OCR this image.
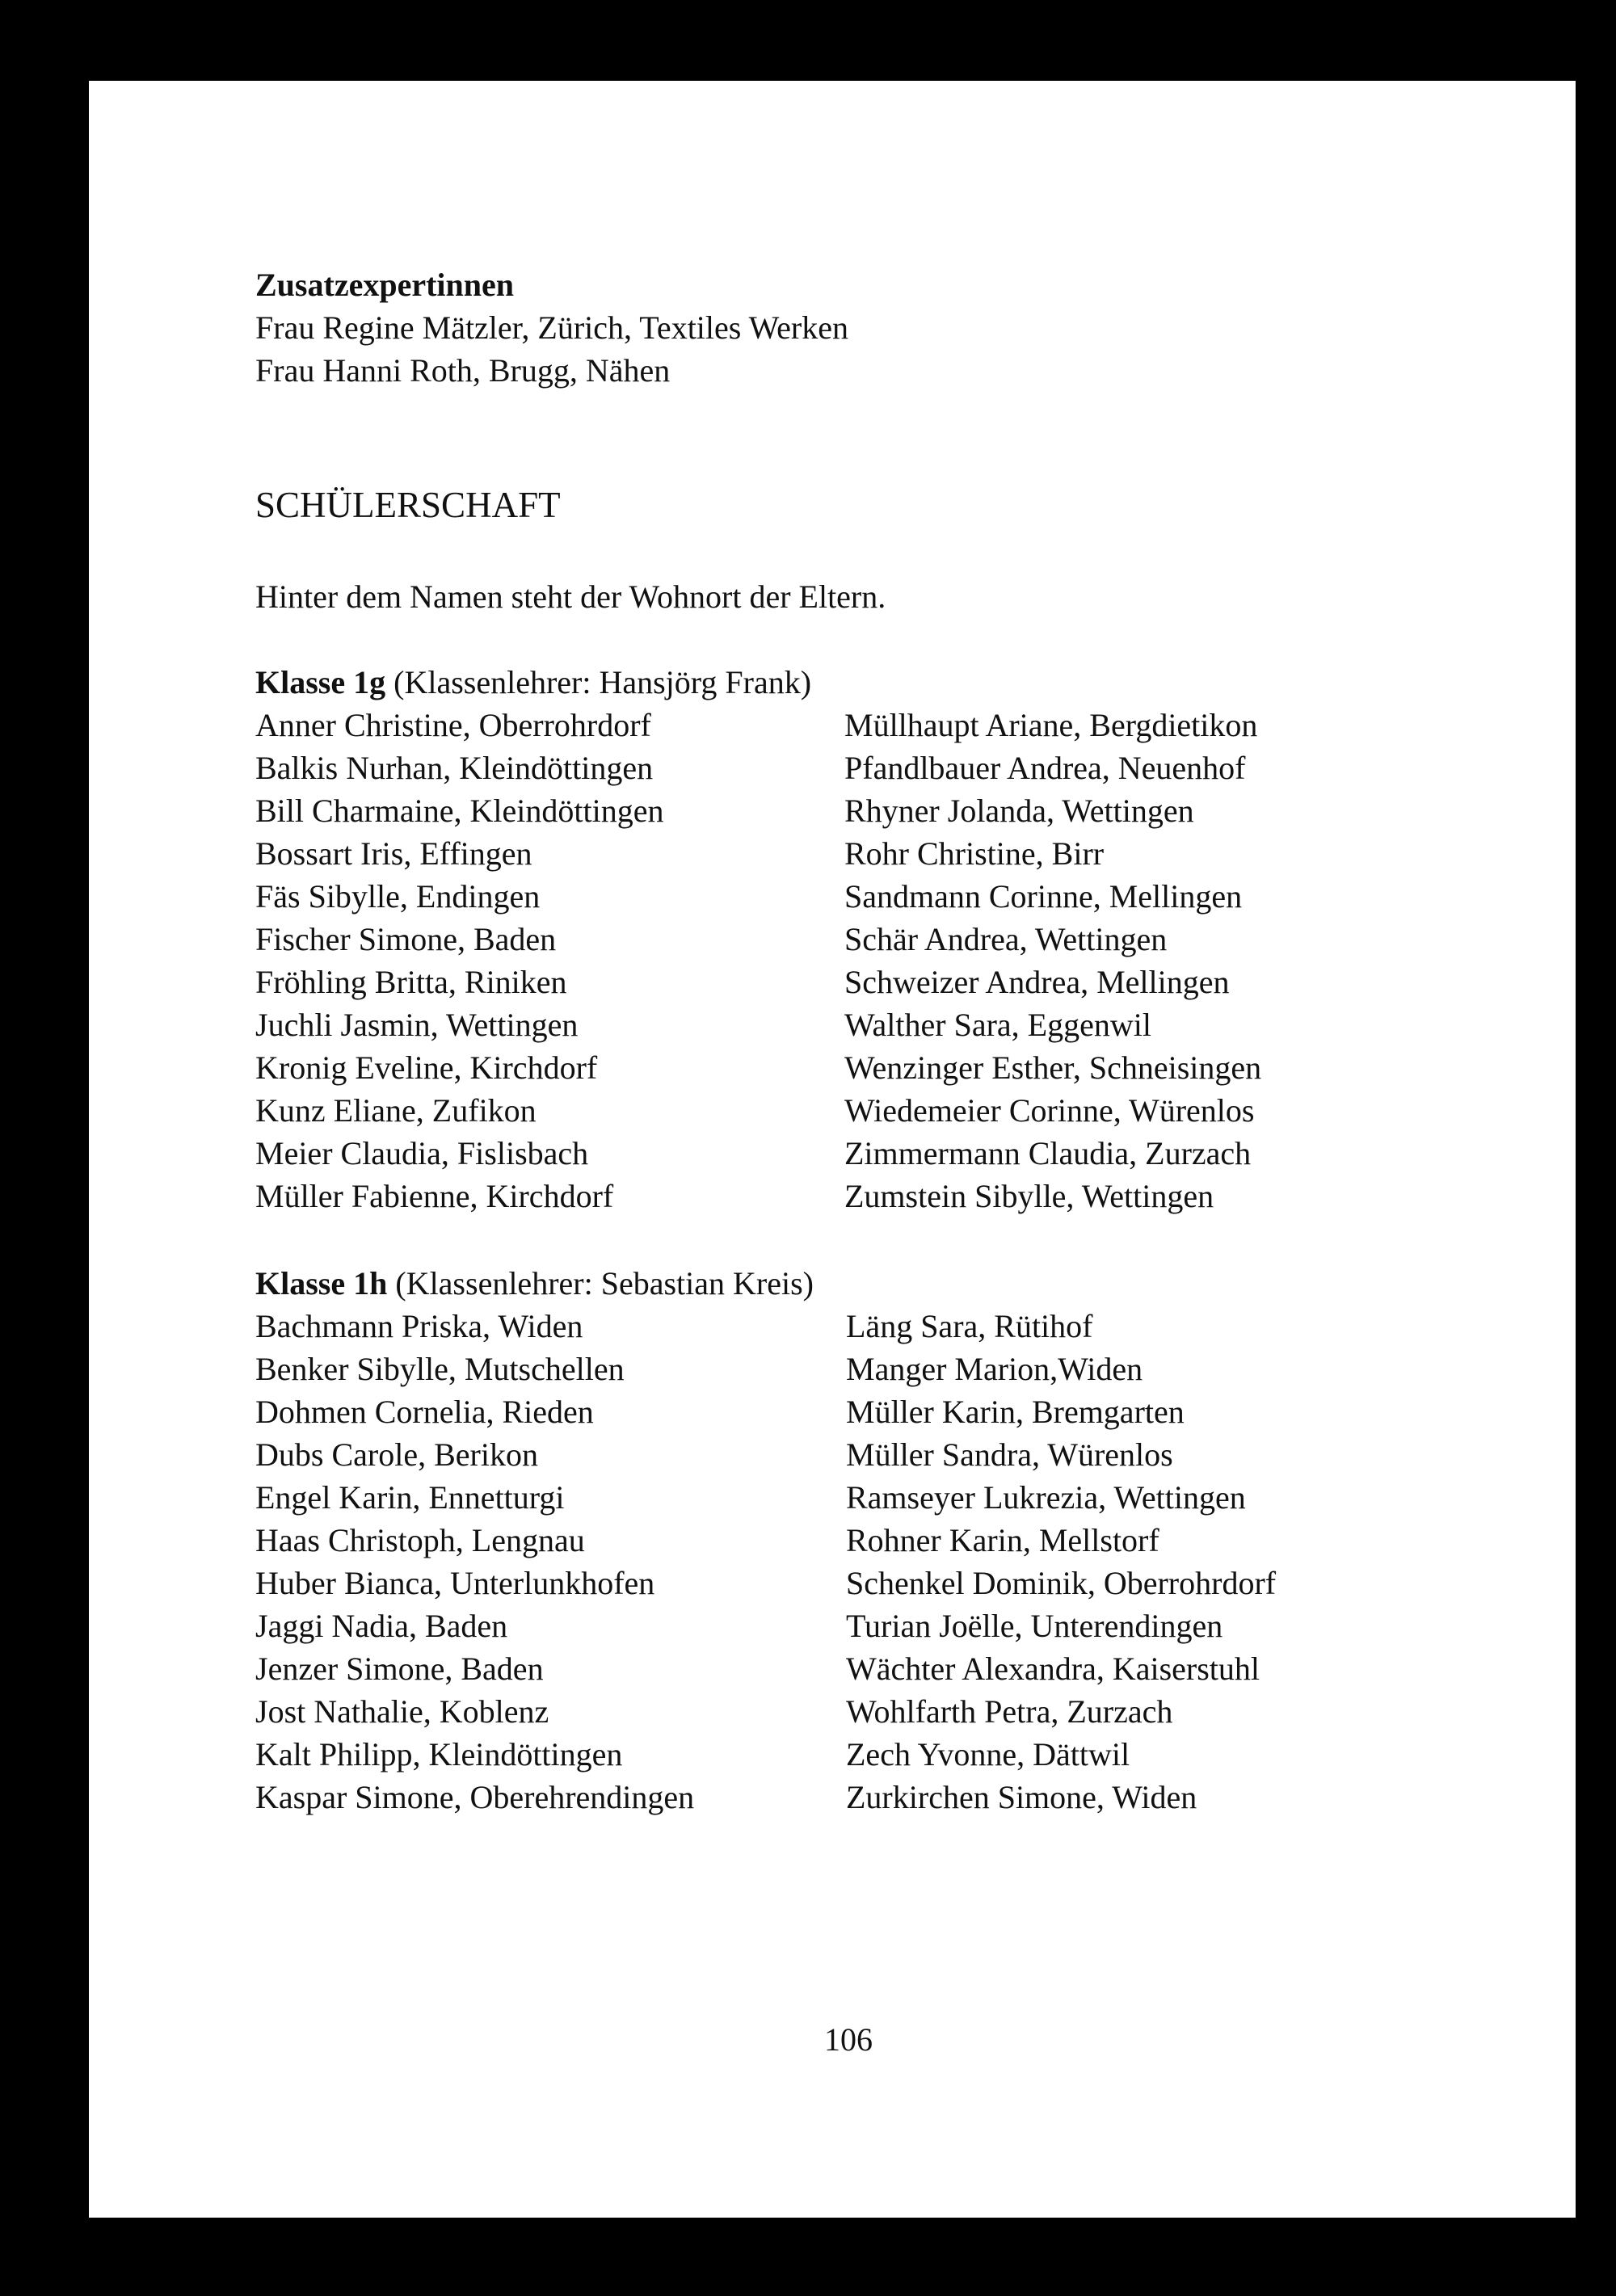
Zusatzexpertinnen
Frau Regine Mätzler, Zürich, Textiles Werken
Frau Hanni Roth, Brugg, Nähen
SCHÜLERSCHAFT
Hinter dem Namen steht der Wohnort der Eltern.
Klasse 1g (Klassenlehrer: Hansjörg Frank)
Anner Christine, Oberrohrdorf
Balkis Nurhan, Kleindöttingen
Bill Charmaine, Kleindöttingen
Bossart Iris, Effingen
Fäs Sibylle, Endingen
Fischer Simone, Baden
Fröhling Britta, Riniken
Juchli Jasmin, Wettingen
Kronig Eveline, Kirchdorf
Kunz Eliane, Zufikon
Meier Claudia, Fislisbach
Müller Fabienne, Kirchdorf
Müllhaupt Ariane, Bergdietikon
Pfandlbauer Andrea, Neuenhof
Rhyner Jolanda, Wettingen
Rohr Christine, Birr
Sandmann Corinne, Mellingen
Schär Andrea, Wettingen
Schweizer Andrea, Mellingen
Walther Sara, Eggenwil
Wenzinger Esther, Schneisingen
Wiedemeier Corinne, Würenlos
Zimmermann Claudia, Zurzach
Zumstein Sibylle, Wettingen
Klasse 1h (Klassenlehrer: Sebastian Kreis)
Bachmann Priska, Widen
Benker Sibylle, Mutschellen
Dohmen Cornelia, Rieden
Dubs Carole, Berikon
Engel Karin, Ennetturgi
Haas Christoph, Lengnau
Huber Bianca, Unterlunkhofen
Jaggi Nadia, Baden
Jenzer Simone, Baden
Jost Nathalie, Koblenz
Kalt Philipp, Kleindöttingen
Kaspar Simone, Oberehrendingen
Läng Sara, Rütihof
Manger Marion,Widen
Müller Karin, Bremgarten
Müller Sandra, Würenlos
Ramseyer Lukrezia, Wettingen
Rohner Karin, Mellstorf
Schenkel Dominik, Oberrohrdorf
Turian Joëlle, Unterendingen
Wächter Alexandra, Kaiserstuhl
Wohlfarth Petra, Zurzach
Zech Yvonne, Dättwil
Zurkirchen Simone, Widen
106
